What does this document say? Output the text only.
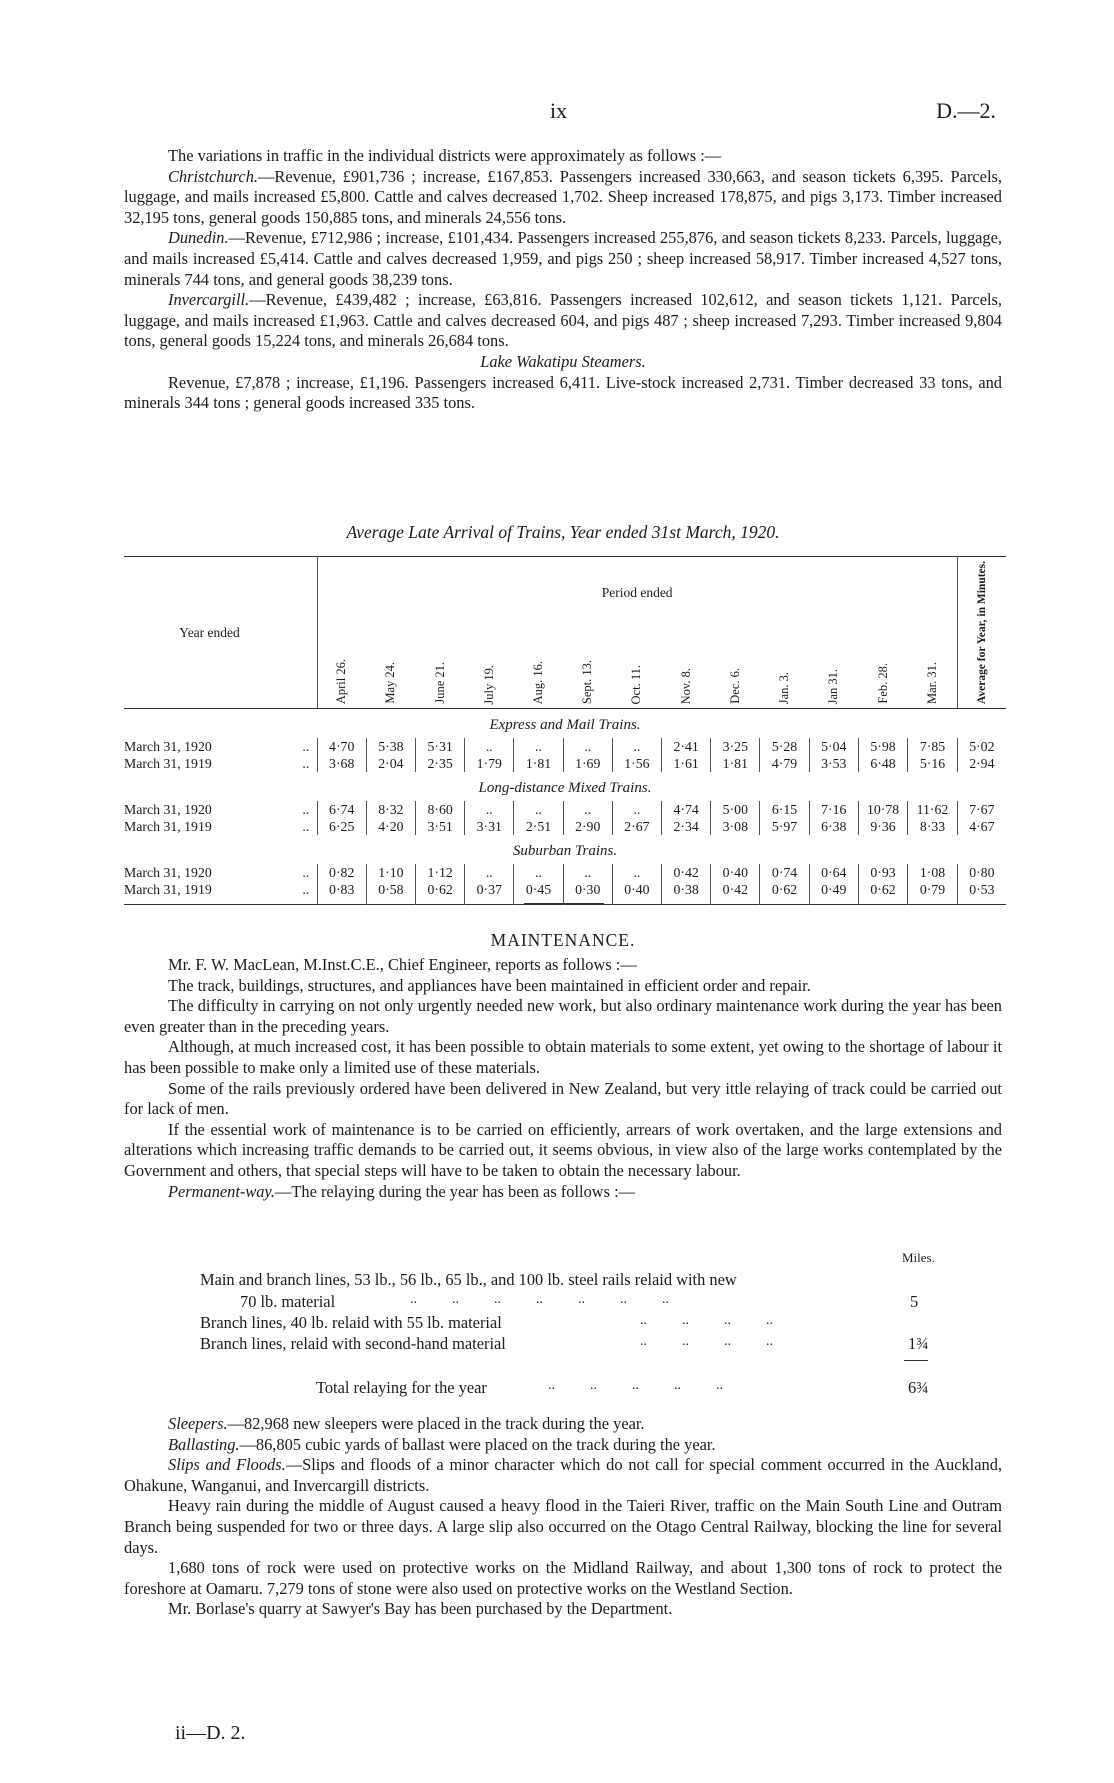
ix	D.—2.

The variations in traffic in the individual districts were approximately as follows :—

Christchurch.—Revenue, £901,736 ; increase, £167,853. Passengers increased 330,663, and season tickets 6,395. Parcels, luggage, and mails increased £5,800. Cattle and calves decreased 1,702. Sheep increased 178,875, and pigs 3,173. Timber increased 32,195 tons, general goods 150,885 tons, and minerals 24,556 tons.

Dunedin.—Revenue, £712,986 ; increase, £101,434. Passengers increased 255,876, and season tickets 8,233. Parcels, luggage, and mails increased £5,414. Cattle and calves decreased 1,959, and pigs 250 ; sheep increased 58,917. Timber increased 4,527 tons, minerals 744 tons, and general goods 38,239 tons.

Invercargill.—Revenue, £439,482 ; increase, £63,816. Passengers increased 102,612, and season tickets 1,121. Parcels, luggage, and mails increased £1,963. Cattle and calves decreased 604, and pigs 487 ; sheep increased 7,293. Timber increased 9,804 tons, general goods 15,224 tons, and minerals 26,684 tons.

Lake Wakatipu Steamers.

Revenue, £7,878 ; increase, £1,196. Passengers increased 6,411. Live-stock increased 2,731. Timber decreased 33 tons, and minerals 344 tons ; general goods increased 335 tons.

Average Late Arrival of Trains, Year ended 31st March, 1920.
Year ended		Period ended													Average for Year, in Minutes.
		April 26.	May 24.	June 21.	July 19.	Aug. 16.	Sept. 13.	Oct. 11.	Nov. 8.	Dec. 6.	Jan. 3.	Jan 31.	Feb. 28.	Mar. 31.	
Express and Mail Trains.															
March 31, 1920	..	4·70	5·38	5·31	..	..	..	..	2·41	3·25	5·28	5·04	5·98	7·85	5·02
March 31, 1919	..	3·68	2·04	2·35	1·79	1·81	1·69	1·56	1·61	1·81	4·79	3·53	6·48	5·16	2·94
Long-distance Mixed Trains.															
March 31, 1920	..	6·74	8·32	8·60	..	..	..	..	4·74	5·00	6·15	7·16	10·78	11·62	7·67
March 31, 1919	..	6·25	4·20	3·51	3·31	2·51	2·90	2·67	2·34	3·08	5·97	6·38	9·36	8·33	4·67
Suburban Trains.															
March 31, 1920	..	0·82	1·10	1·12	..	..	..	..	0·42	0·40	0·74	0·64	0·93	1·08	0·80
March 31, 1919	..	0·83	0·58	0·62	0·37	0·45	0·30	0·40	0·38	0·42	0·62	0·49	0·62	0·79	0·53
MAINTENANCE.

Mr. F. W. MacLean, M.Inst.C.E., Chief Engineer, reports as follows :—

The track, buildings, structures, and appliances have been maintained in efficient order and repair.

The difficulty in carrying on not only urgently needed new work, but also ordinary maintenance work during the year has been even greater than in the preceding years.

Although, at much increased cost, it has been possible to obtain materials to some extent, yet owing to the shortage of labour it has been possible to make only a limited use of these materials.

Some of the rails previously ordered have been delivered in New Zealand, but very ittle relaying of track could be carried out for lack of men.

If the essential work of maintenance is to be carried on efficiently, arrears of work overtaken, and the large extensions and alterations which increasing traffic demands to be carried out, it seems obvious, in view also of the large works contemplated by the Government and others, that special steps will have to be taken to obtain the necessary labour.

Permanent-way.—The relaying during the year has been as follows :—

Miles.
Main and branch lines, 53 lb., 56 lb., 65 lb., and 100 lb. steel rails relaid with new
70 lb. material	..          ..          ..          ..          ..          ..          ..	5
Branch lines, 40 lb. relaid with 55 lb. material	..          ..          ..          ..
Branch lines, relaid with second-hand material	..          ..          ..          ..	1¾
Total relaying for the year	..          ..          ..          ..          ..	6¾

Sleepers.—82,968 new sleepers were placed in the track during the year.

Ballasting.—86,805 cubic yards of ballast were placed on the track during the year.

Slips and Floods.—Slips and floods of a minor character which do not call for special comment occurred in the Auckland, Ohakune, Wanganui, and Invercargill districts.

Heavy rain during the middle of August caused a heavy flood in the Taieri River, traffic on the Main South Line and Outram Branch being suspended for two or three days. A large slip also occurred on the Otago Central Railway, blocking the line for several days.

1,680 tons of rock were used on protective works on the Midland Railway, and about 1,300 tons of rock to protect the foreshore at Oamaru. 7,279 tons of stone were also used on protective works on the Westland Section.

Mr. Borlase's quarry at Sawyer's Bay has been purchased by the Department.

ii—D. 2.
